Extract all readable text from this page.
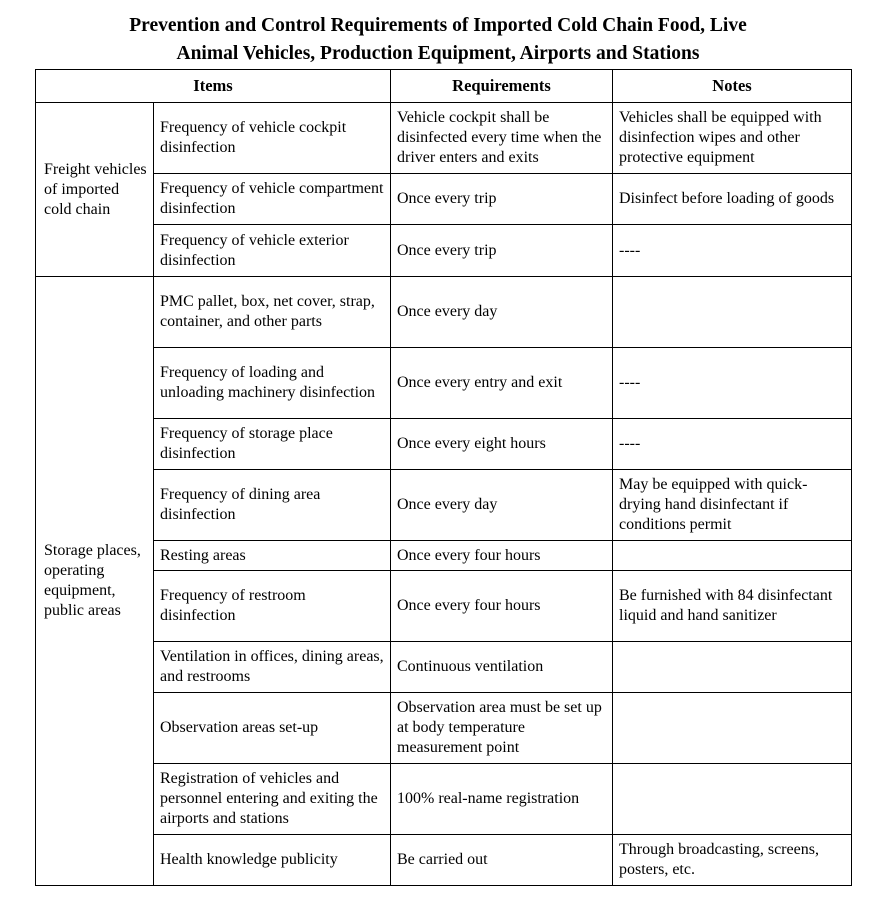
Prevention and Control Requirements of Imported Cold Chain Food, Live
Animal Vehicles, Production Equipment, Airports and Stations
Items		Requirements	Notes
Freight vehicles of imported cold chain	Frequency of vehicle cockpit disinfection	Vehicle cockpit shall be disinfected every time when the driver enters and exits	Vehicles shall be equipped with disinfection wipes and other protective equipment
	Frequency of vehicle compartment disinfection	Once every trip	Disinfect before loading of goods
	Frequency of vehicle exterior disinfection	Once every trip	----
Storage places, operating equipment, public areas	PMC pallet, box, net cover, strap, container, and other parts	Once every day	
	Frequency of loading and unloading machinery disinfection	Once every entry and exit	----
	Frequency of storage place disinfection	Once every eight hours	----
	Frequency of dining area disinfection	Once every day	May be equipped with quick-drying hand disinfectant if conditions permit
	Resting areas	Once every four hours	
	Frequency of restroom disinfection	Once every four hours	Be furnished with 84 disinfectant liquid and hand sanitizer
	Ventilation in offices, dining areas, and restrooms	Continuous ventilation	
	Observation areas set-up	Observation area must be set up at body temperature measurement point	
	Registration of vehicles and personnel entering and exiting the airports and stations	100% real-name registration	
	Health knowledge publicity	Be carried out	Through broadcasting, screens, posters, etc.
